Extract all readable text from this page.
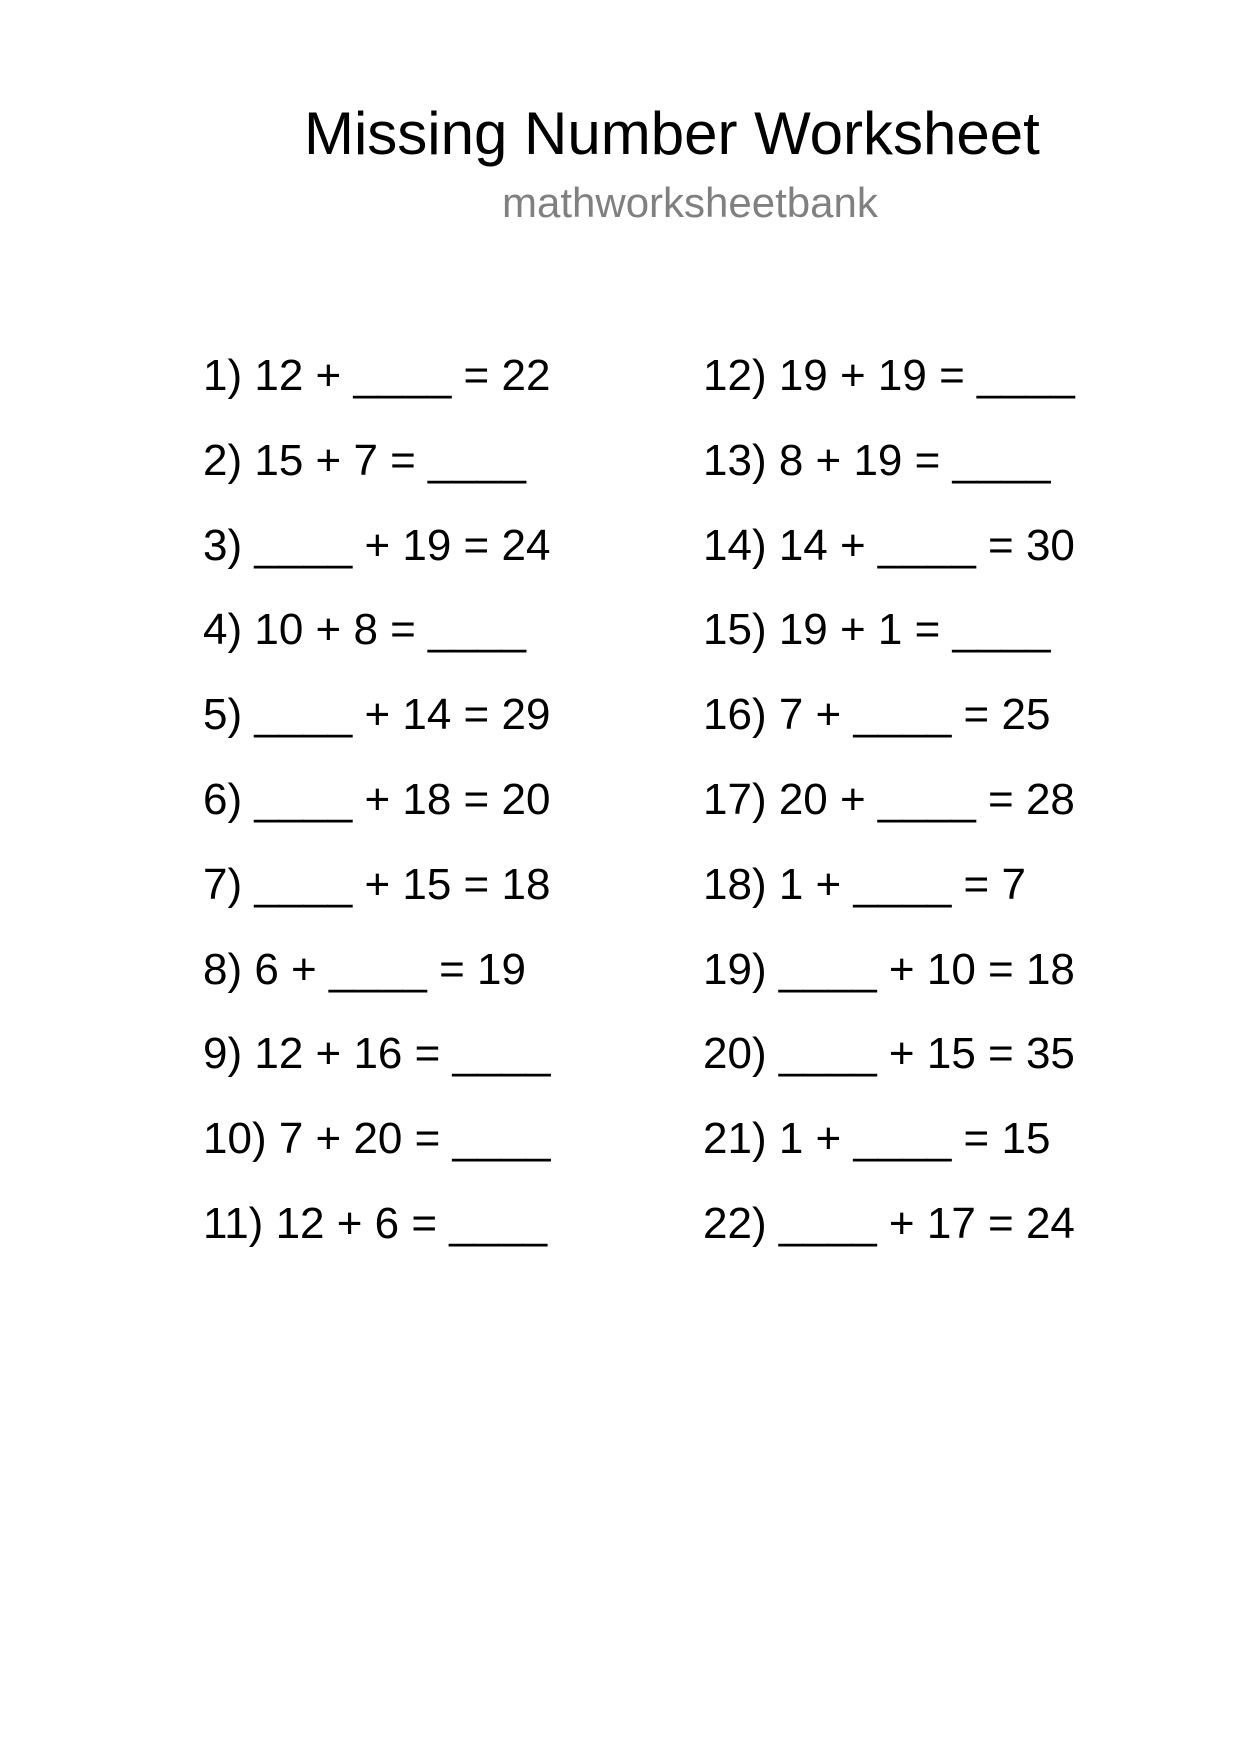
Missing Number Worksheet
mathworksheetbank
1) 12 + ____ = 22
2) 15 + 7 = ____
3) ____ + 19 = 24
4) 10 + 8 = ____
5) ____ + 14 = 29
6) ____ + 18 = 20
7) ____ + 15 = 18
8) 6 + ____ = 19
9) 12 + 16 = ____
10) 7 + 20 = ____
11) 12 + 6 = ____
12) 19 + 19 = ____
13) 8 + 19 = ____
14) 14 + ____ = 30
15) 19 + 1 = ____
16) 7 + ____ = 25
17) 20 + ____ = 28
18) 1 + ____ = 7
19) ____ + 10 = 18
20) ____ + 15 = 35
21) 1 + ____ = 15
22) ____ + 17 = 24
